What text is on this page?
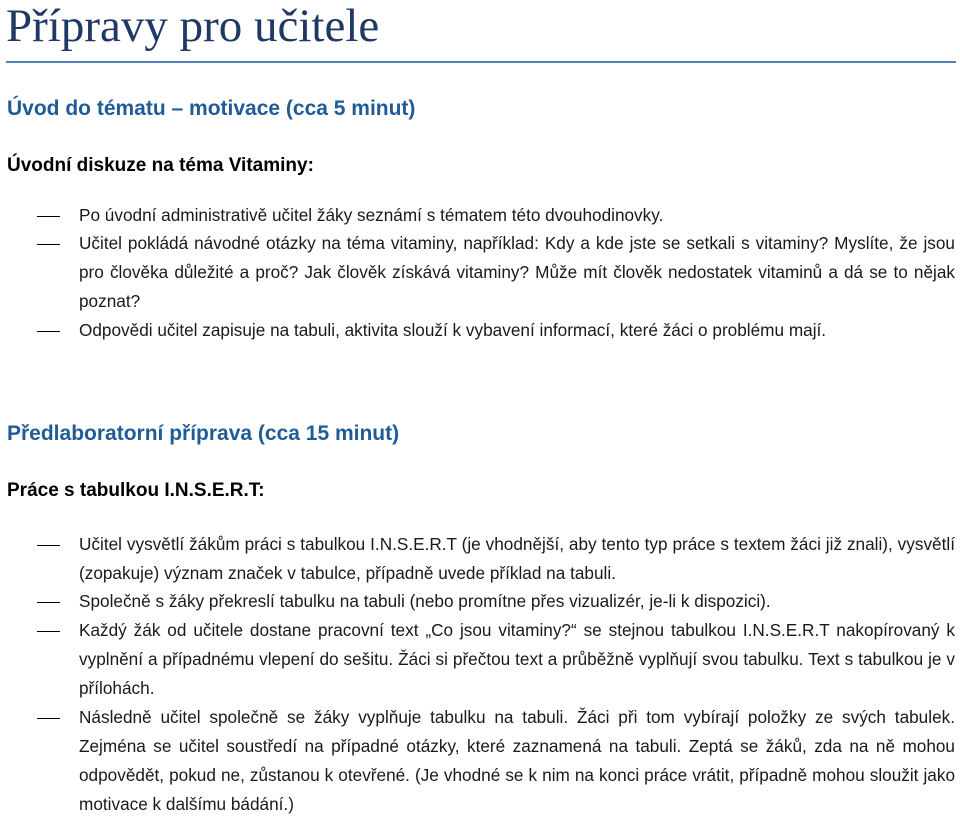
Přípravy pro učitele
Úvod do tématu – motivace (cca 5 minut)
Úvodní diskuze na téma Vitaminy:
Po úvodní administrativě učitel žáky seznámí s tématem této dvouhodinovky.
Učitel pokládá návodné otázky na téma vitaminy, například: Kdy a kde jste se setkali s vitaminy? Myslíte, že jsou pro člověka důležité a proč? Jak člověk získává vitaminy? Může mít člověk nedostatek vitaminů a dá se to nějak poznat?
Odpovědi učitel zapisuje na tabuli, aktivita slouží k vybavení informací, které žáci o problému mají.
Předlaboratorní příprava (cca 15 minut)
Práce s tabulkou I.N.S.E.R.T:
Učitel vysvětlí žákům práci s tabulkou I.N.S.E.R.T (je vhodnější, aby tento typ práce s textem žáci již znali), vysvětlí (zopakuje) význam značek v tabulce, případně uvede příklad na tabuli.
Společně s žáky překreslí tabulku na tabuli (nebo promítne přes vizualizér, je-li k dispozici).
Každý žák od učitele dostane pracovní text „Co jsou vitaminy?“ se stejnou tabulkou I.N.S.E.R.T nakopírovaný k vyplnění a případnému vlepení do sešitu. Žáci si přečtou text a průběžně vyplňují svou tabulku. Text s tabulkou je v přílohách.
Následně učitel společně se žáky vyplňuje tabulku na tabuli. Žáci při tom vybírají položky ze svých tabulek. Zejména se učitel soustředí na případné otázky, které zaznamená na tabuli. Zeptá se žáků, zda na ně mohou odpovědět, pokud ne, zůstanou k otevřené. (Je vhodné se k nim na konci práce vrátit, případně mohou sloužit jako motivace k dalšímu bádání.)
